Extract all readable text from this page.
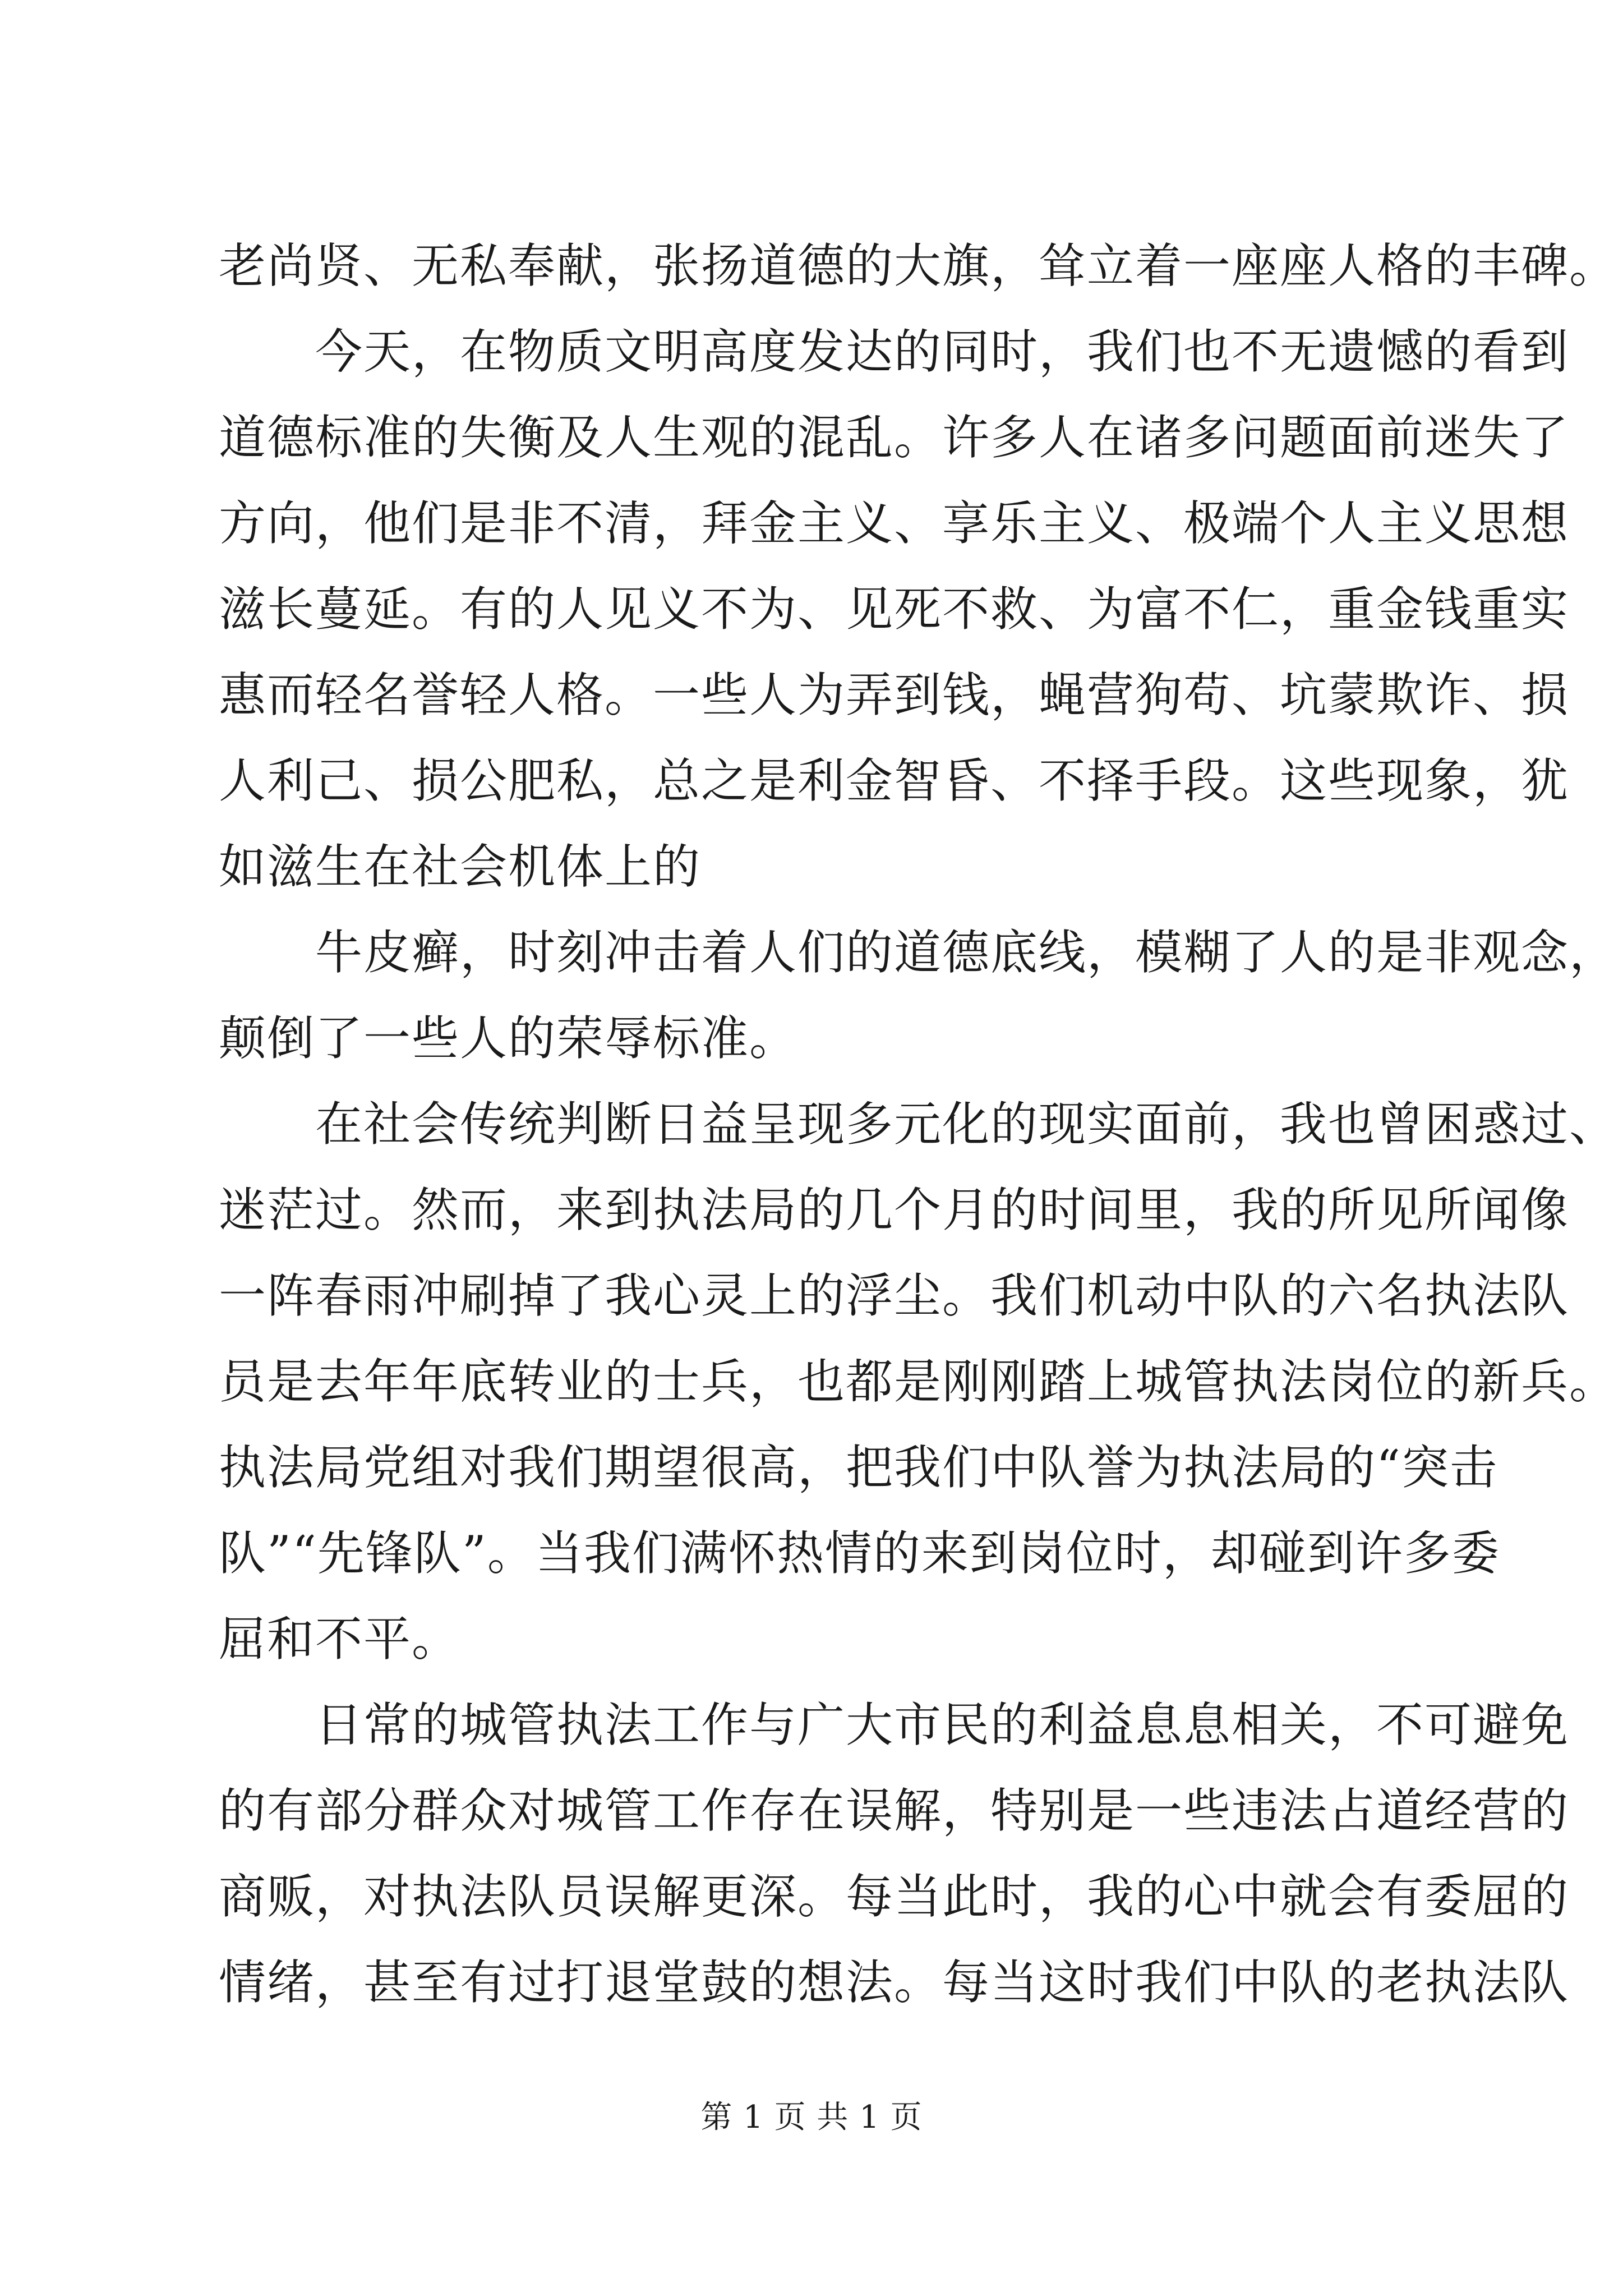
老尚贤、无私奉献，张扬道德的大旗，耸立着一座座人格的丰碑。
今天，在物质文明高度发达的同时，我们也不无遗憾的看到
道德标准的失衡及人生观的混乱。许多人在诸多问题面前迷失了
方向，他们是非不清，拜金主义、享乐主义、极端个人主义思想
滋长蔓延。有的人见义不为、见死不救、为富不仁，重金钱重实
惠而轻名誉轻人格。一些人为弄到钱，蝇营狗苟、坑蒙欺诈、损
人利己、损公肥私，总之是利金智昏、不择手段。这些现象，犹
如滋生在社会机体上的
牛皮癣，时刻冲击着人们的道德底线，模糊了人的是非观念，
颠倒了一些人的荣辱标准。
在社会传统判断日益呈现多元化的现实面前，我也曾困惑过、
迷茫过。然而，来到执法局的几个月的时间里，我的所见所闻像
一阵春雨冲刷掉了我心灵上的浮尘。我们机动中队的六名执法队
员是去年年底转业的士兵，也都是刚刚踏上城管执法岗位的新兵。
执法局党组对我们期望很高，把我们中队誉为执法局的“突击
队”“先锋队”。当我们满怀热情的来到岗位时，却碰到许多委
屈和不平。
日常的城管执法工作与广大市民的利益息息相关，不可避免
的有部分群众对城管工作存在误解，特别是一些违法占道经营的
商贩，对执法队员误解更深。每当此时，我的心中就会有委屈的
情绪，甚至有过打退堂鼓的想法。每当这时我们中队的老执法队
第 1 页 共 1 页
